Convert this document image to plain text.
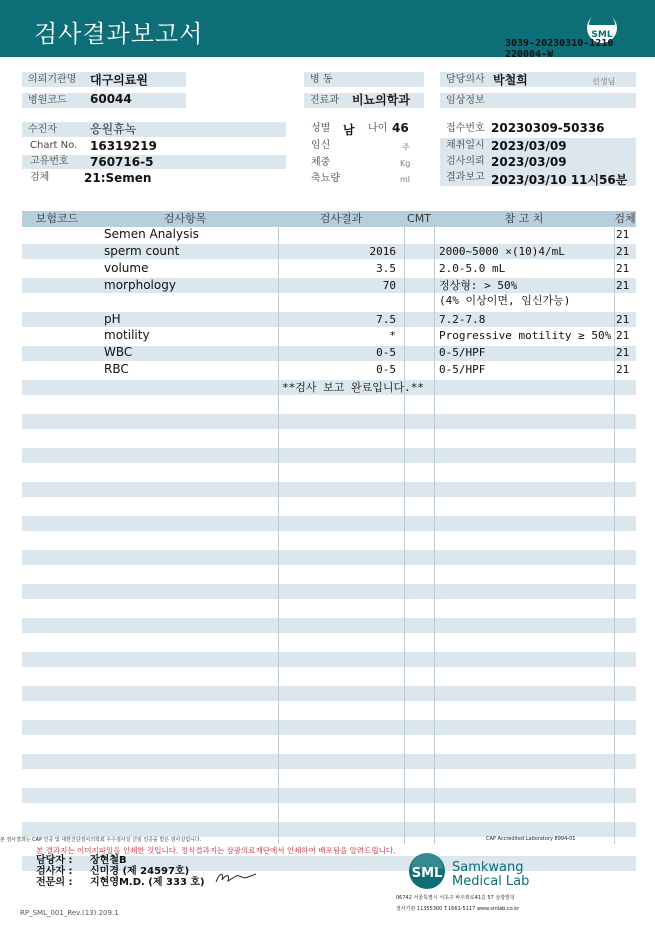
검사결과보고서	SML
3039-20230310-1210
220004-W
의뢰기관명	대구의료원
병원코드	60044
수진자	응원휴녹
Chart No. 16319219
고유번호 760716-5
검체	21:Semen
병 동
진료과	비뇨의학과
성별 남 나이 46
임신	주
체중	Kg
축뇨량	ml
담당의사 박철희	선생님
임상정보
접수번호 20230309-50336
채취일시 2023/03/09
검사의뢰 2023/03/09
결과보고 2023/03/10 11시56분
보험코드	검사항목	검사결과	CMT	참 고 치	검체
Semen Analysis	21
sperm count	2016	2000~5000 ×(10)4/mL	21
volume	3.5	2.0-5.0 mL	21
morphology	70	정상형: > 50%	21
(4% 이상이면, 임신가능)
pH	7.5	7.2-7.8	21
motility	*	Progressive motility ≥ 50% 21
WBC	0-5	0-5/HPF	21
RBC	0-5	0-5/HPF	21
**검사 보고 완료입니다.**
본 검사결과는 CAP 인증 및 대한진단검사의학회 우수검사실 신임 인증을 받은 검사실입니다.	CAP Accredited Laboratory 8994-01
본 결과지는 이미지파일을 인쇄한 것입니다. 정식결과지는 삼광의료재단에서 인쇄하여 배포됨을 알려드립니다.
담당자 :
검사자 :
전문의 :
장현철B
신미경 (제 24597호)
지현영M.D. (제 333 호)
SML Samkwang
Medical Lab
06742 서울특별시 서초구 바우뫼로41길 57 삼광빌딩
검사기관 11355300 T.1661-5117 www.smlab.co.kr
RP_SML_001_Rev.(13) 209.1
